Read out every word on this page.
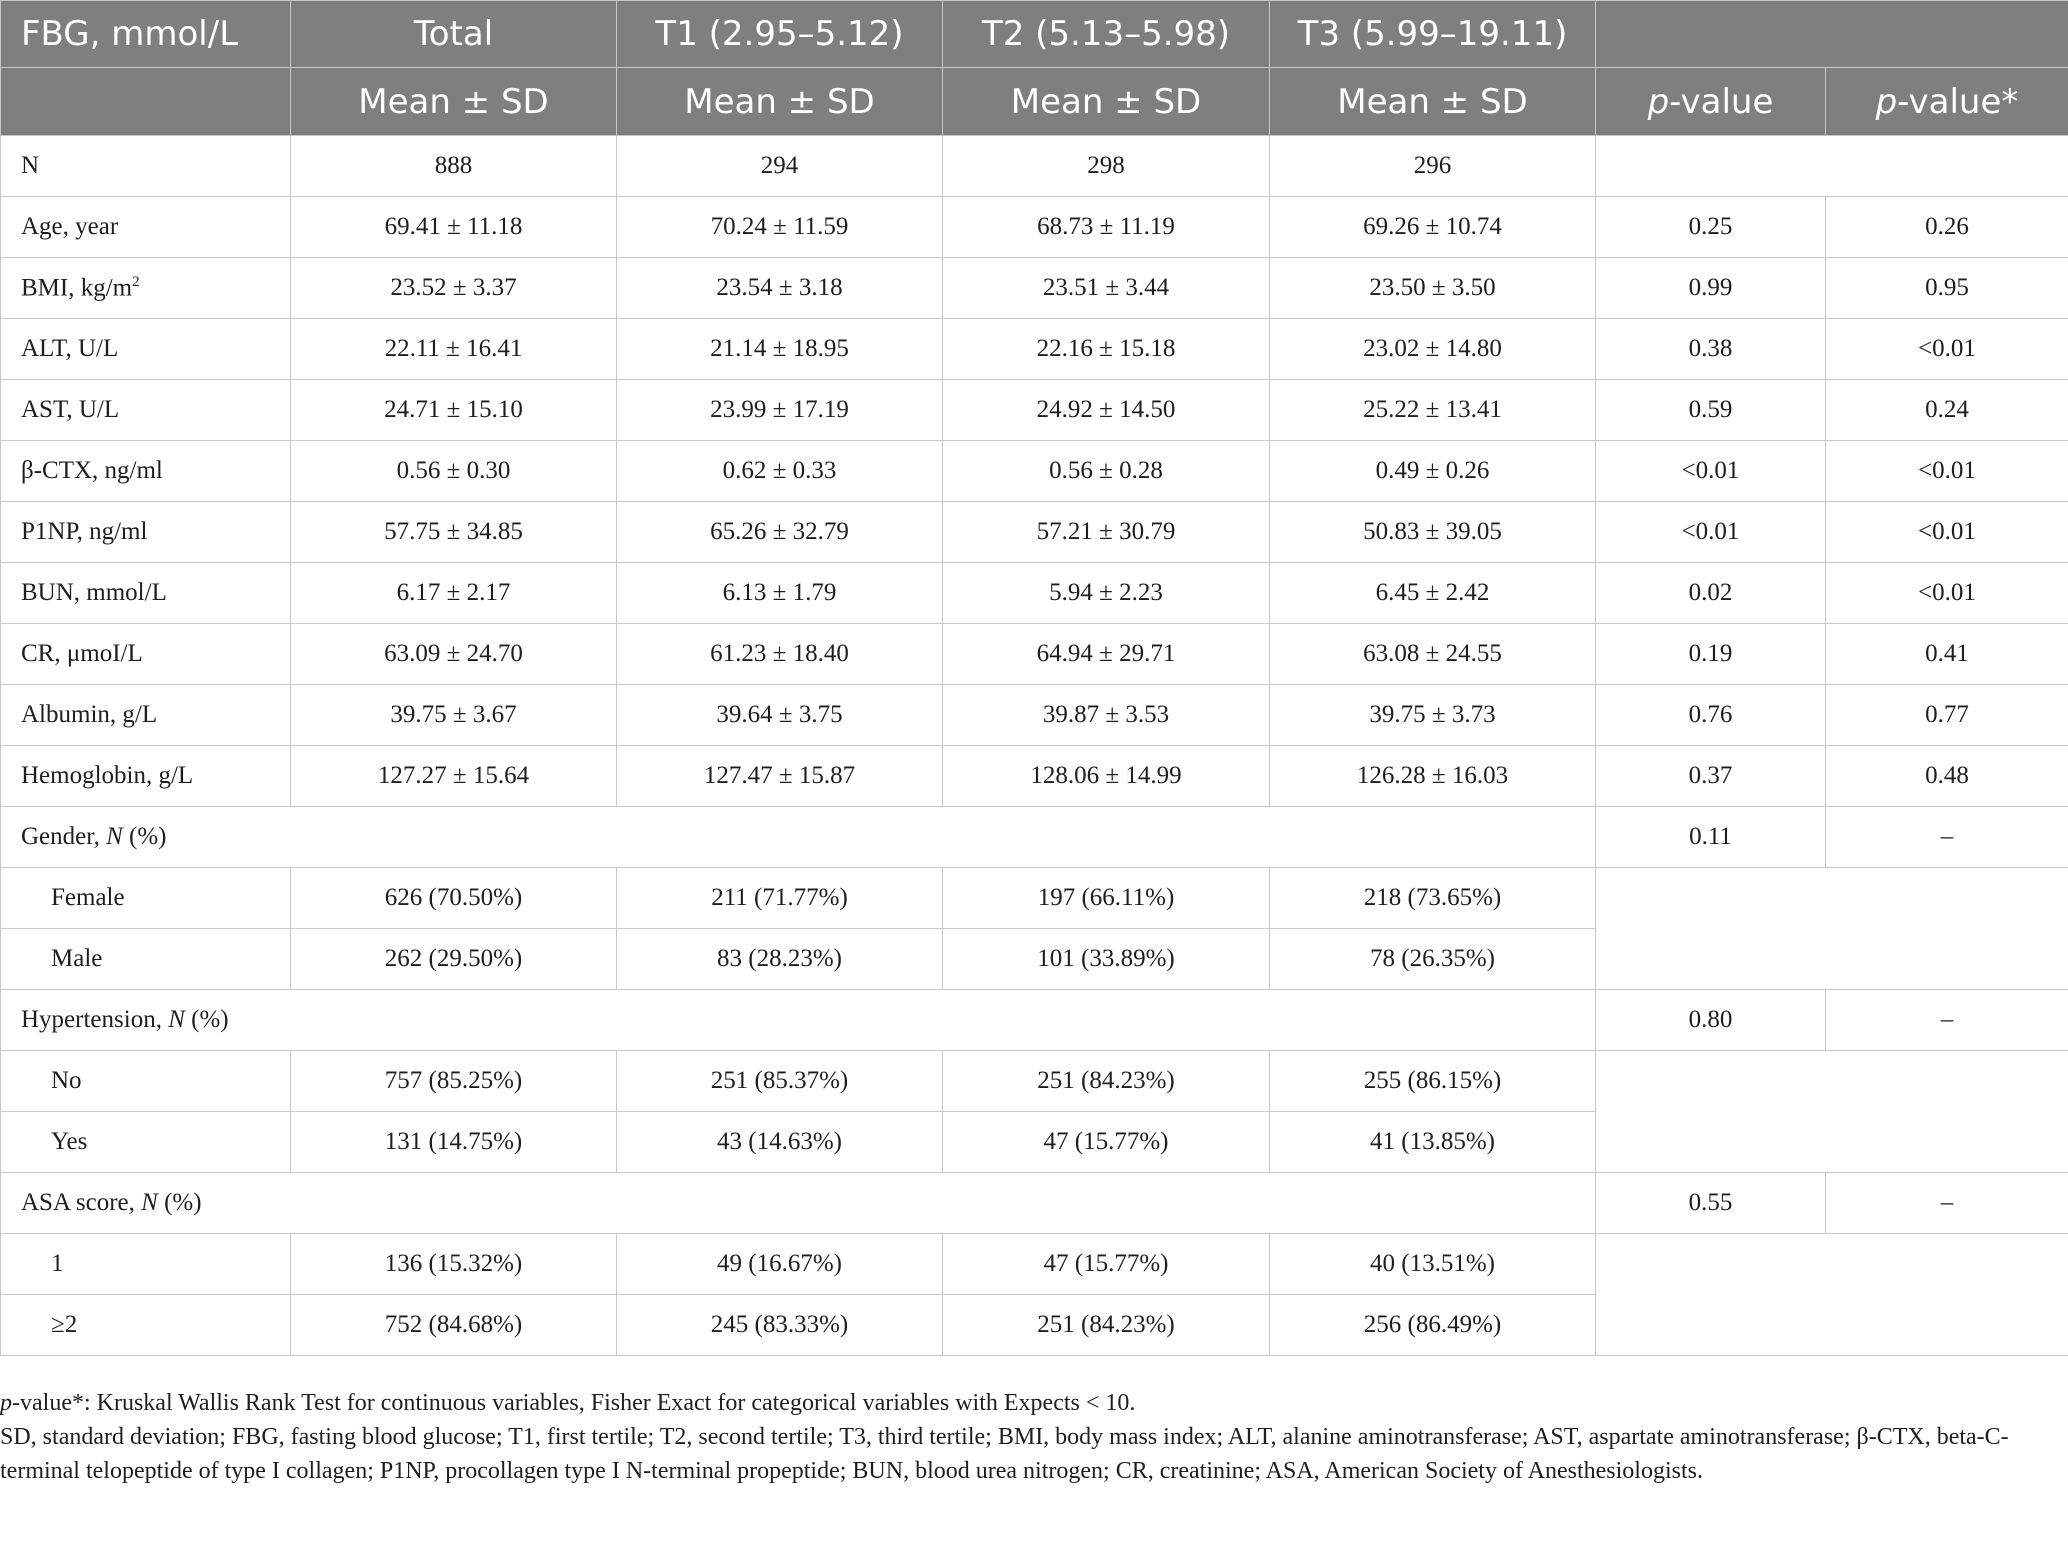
FBG, mmol/L	Total	T1 (2.95–5.12)	T2 (5.13–5.98)	T3 (5.99–19.11)		
	Mean ± SD	Mean ± SD	Mean ± SD	Mean ± SD	p-value	p-value*
N	888	294	298	296		
Age, year	69.41 ± 11.18	70.24 ± 11.59	68.73 ± 11.19	69.26 ± 10.74	0.25	0.26
BMI, $kg/m^2$	23.52 ± 3.37	23.54 ± 3.18	23.51 ± 3.44	23.50 ± 3.50	0.99	0.95
ALT, U/L	22.11 ± 16.41	21.14 ± 18.95	22.16 ± 15.18	23.02 ± 14.80	0.38	<0.01
AST, U/L	24.71 ± 15.10	23.99 ± 17.19	24.92 ± 14.50	25.22 ± 13.41	0.59	0.24
β-CTX, ng/ml	0.56 ± 0.30	0.62 ± 0.33	0.56 ± 0.28	0.49 ± 0.26	<0.01	<0.01
P1NP, ng/ml	57.75 ± 34.85	65.26 ± 32.79	57.21 ± 30.79	50.83 ± 39.05	<0.01	<0.01
BUN, mmol/L	6.17 ± 2.17	6.13 ± 1.79	5.94 ± 2.23	6.45 ± 2.42	0.02	<0.01
CR, μmoI/L	63.09 ± 24.70	61.23 ± 18.40	64.94 ± 29.71	63.08 ± 24.55	0.19	0.41
Albumin, g/L	39.75 ± 3.67	39.64 ± 3.75	39.87 ± 3.53	39.75 ± 3.73	0.76	0.77
Hemoglobin, g/L	127.27 ± 15.64	127.47 ± 15.87	128.06 ± 14.99	126.28 ± 16.03	0.37	0.48
Gender, N (%)					0.11	–
Female	626 (70.50%)	211 (71.77%)	197 (66.11%)	218 (73.65%)		
Male	262 (29.50%)	83 (28.23%)	101 (33.89%)	78 (26.35%)		
Hypertension, N (%)					0.80	–
No	757 (85.25%)	251 (85.37%)	251 (84.23%)	255 (86.15%)		
Yes	131 (14.75%)	43 (14.63%)	47 (15.77%)	41 (13.85%)		
ASA score, N (%)					0.55	–
1	136 (15.32%)	49 (16.67%)	47 (15.77%)	40 (13.51%)		
≥2	752 (84.68%)	245 (83.33%)	251 (84.23%)	256 (86.49%)		

p-value*: Kruskal Wallis Rank Test for continuous variables, Fisher Exact for categorical variables with Expects < 10.

SD, standard deviation; FBG, fasting blood glucose; T1, first tertile; T2, second tertile; T3, third tertile; BMI, body mass index; ALT, alanine aminotransferase; AST, aspartate aminotransferase; β-CTX, beta-C-terminal telopeptide of type I collagen; P1NP, procollagen type I N-terminal propeptide; BUN, blood urea nitrogen; CR, creatinine; ASA, American Society of Anesthesiologists.
